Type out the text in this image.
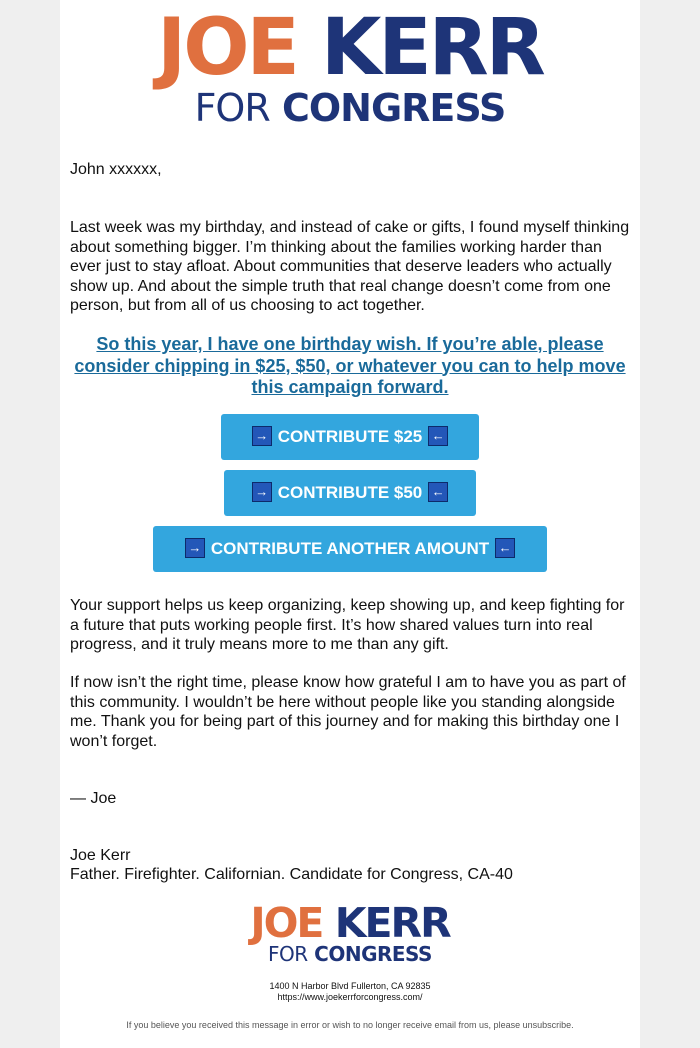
JOE KERR
FOR CONGRESS
John xxxxxx,
Last week was my birthday, and instead of cake or gifts, I found myself thinking about something bigger. I’m thinking about the families working harder than ever just to stay afloat. About communities that deserve leaders who actually show up. And about the simple truth that real change doesn’t come from one person, but from all of us choosing to act together.
So this year, I have one birthday wish. If you’re able, please consider chipping in $25, $50, or whatever you can to help move this campaign forward.
→ CONTRIBUTE $25 ←
→ CONTRIBUTE $50 ←
→ CONTRIBUTE ANOTHER AMOUNT ←
Your support helps us keep organizing, keep showing up, and keep fighting for a future that puts working people first. It’s how shared values turn into real progress, and it truly means more to me than any gift.
If now isn’t the right time, please know how grateful I am to have you as part of this community. I wouldn’t be here without people like you standing alongside me. Thank you for being part of this journey and for making this birthday one I won’t forget.
— Joe
Joe Kerr
Father. Firefighter. Californian. Candidate for Congress, CA-40
JOE KERR
FOR CONGRESS
1400 N Harbor Blvd Fullerton, CA 92835
https://www.joekerrforcongress.com/
If you believe you received this message in error or wish to no longer receive email from us, please unsubscribe.
